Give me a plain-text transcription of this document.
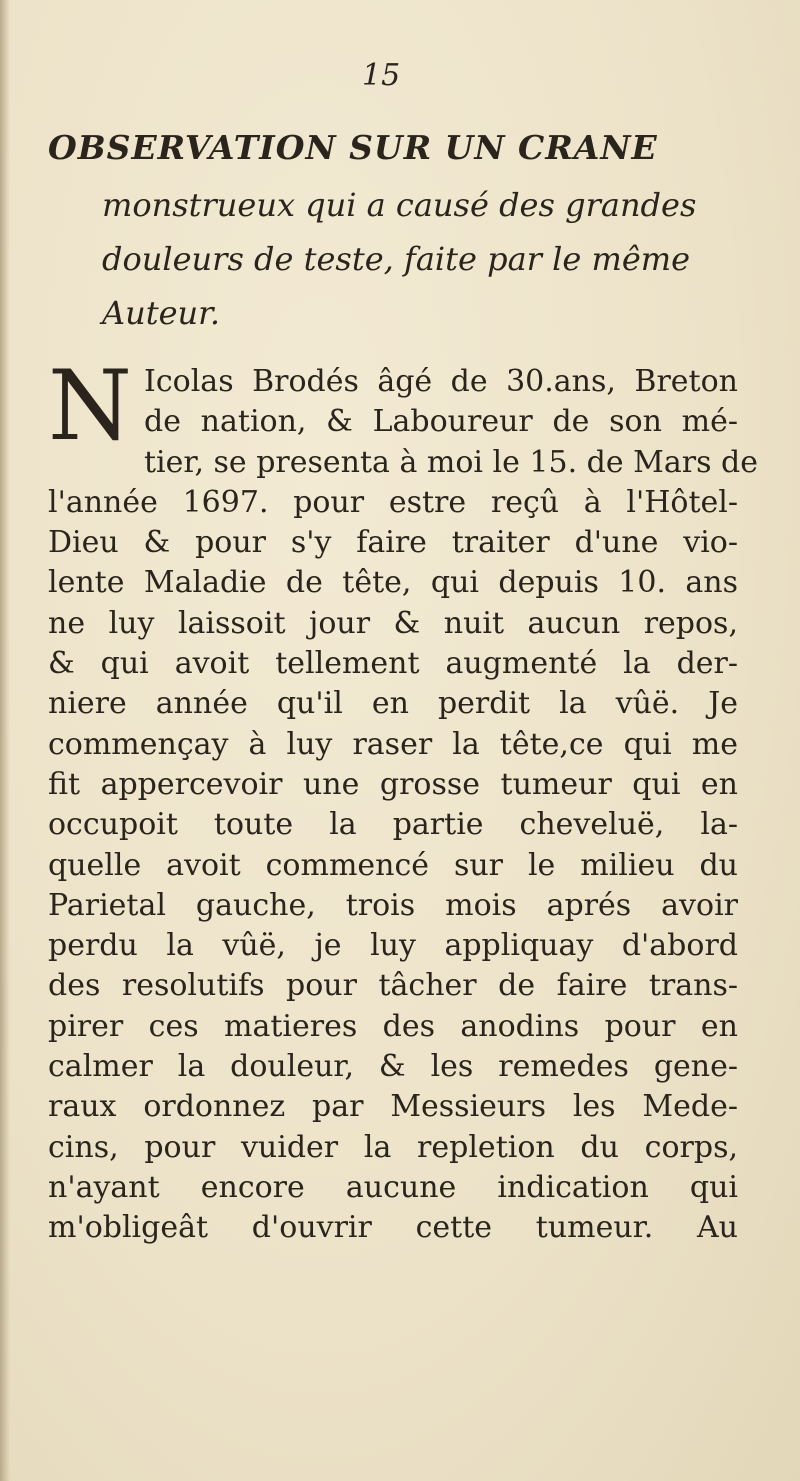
15
OBSERVATION SUR UN CRANE
monstrueux qui a causé des grandes
douleurs de teste, faite par le même
Auteur.
N Icolas Brodés âgé de 30.ans, Breton
de nation, & Laboureur de son mé-
tier, se presenta à moi le 15. de Mars de
l'année 1697. pour estre reçû à l'Hôtel-
Dieu & pour s'y faire traiter d'une vio-
lente Maladie de tête, qui depuis 10. ans
ne luy laissoit jour & nuit aucun repos,
& qui avoit tellement augmenté la der-
niere année qu'il en perdit la vûë. Je
commençay à luy raser la tête,ce qui me
fit appercevoir une grosse tumeur qui en
occupoit toute la partie cheveluë, la-
quelle avoit commencé sur le milieu du
Parietal gauche, trois mois aprés avoir
perdu la vûë, je luy appliquay d'abord
des resolutifs pour tâcher de faire trans-
pirer ces matieres des anodins pour en
calmer la douleur, & les remedes gene-
raux ordonnez par Messieurs les Mede-
cins, pour vuider la repletion du corps,
n'ayant encore aucune indication qui
m'obligeât d'ouvrir cette tumeur. Au
